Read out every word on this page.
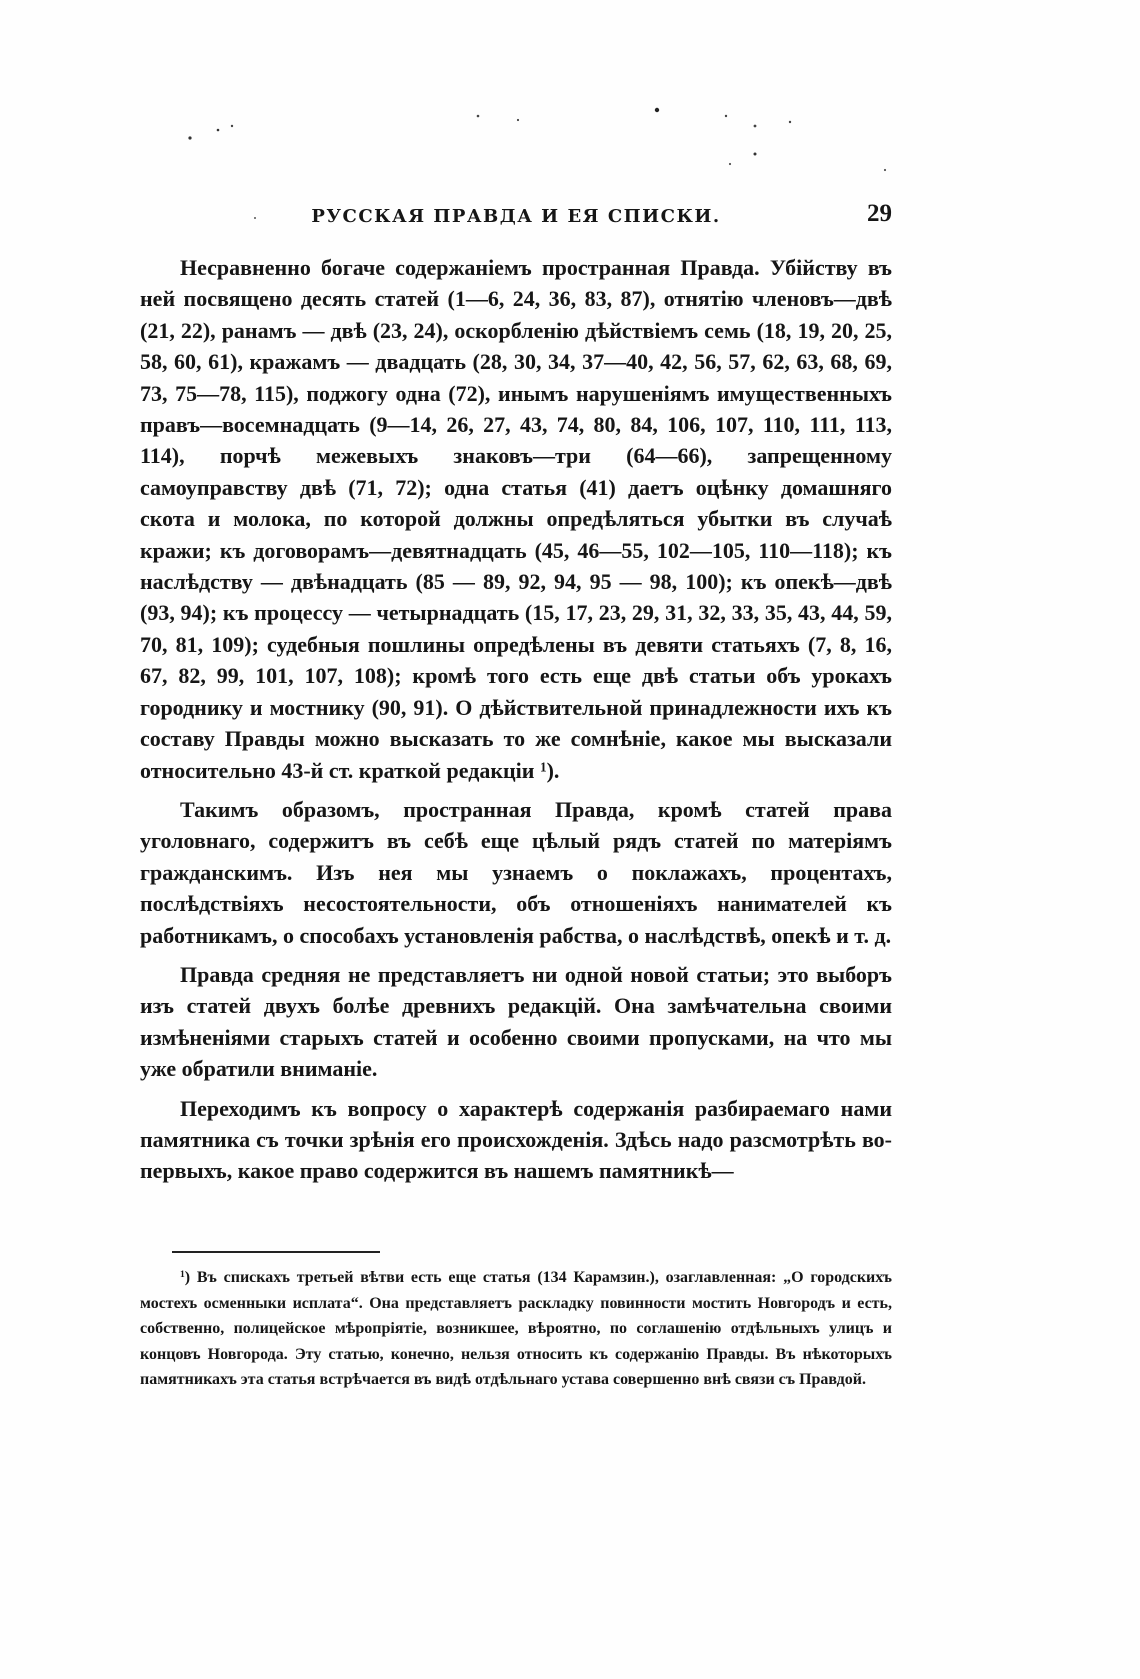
РУССКАЯ ПРАВДА И ЕЯ СПИСКИ.	29

Несравненно богаче содержанiемъ пространная Правда. Убiйству въ ней посвящено десять статей (1—6, 24, 36, 83, 87), отнятiю членовъ—двѣ (21, 22), ранамъ — двѣ (23, 24), оскорбленiю дѣйствiемъ семь (18, 19, 20, 25, 58, 60, 61), кражамъ — двадцать (28, 30, 34, 37—40, 42, 56, 57, 62, 63, 68, 69, 73, 75—78, 115), поджогу одна (72), инымъ нарушенiямъ имущественныхъ правъ—восемнадцать (9—14, 26, 27, 43, 74, 80, 84, 106, 107, 110, 111, 113, 114), порчѣ межевыхъ знаковъ—три (64—66), запрещенному самоуправству двѣ (71, 72); одна статья (41) даетъ оцѣнку домашняго скота и молока, по которой должны опредѣляться убытки въ случаѣ кражи; къ договорамъ—девятнадцать (45, 46—55, 102—105, 110—118); къ наслѣдству — двѣнадцать (85 — 89, 92, 94, 95 — 98, 100); къ опекѣ—двѣ (93, 94); къ процессу — четырнадцать (15, 17, 23, 29, 31, 32, 33, 35, 43, 44, 59, 70, 81, 109); судебныя пошлины опредѣлены въ девяти статьяхъ (7, 8, 16, 67, 82, 99, 101, 107, 108); кромѣ того есть еще двѣ статьи объ урокахъ городнику и мостнику (90, 91). О дѣйствительной принадлежности ихъ къ составу Правды можно высказать то же сомнѣнiе, какое мы высказали относительно 43-й ст. краткой редакцiи $^1$).

Такимъ образомъ, пространная Правда, кромѣ статей права уголовнаго, содержитъ въ себѣ еще цѣлый рядъ статей по матерiямъ гражданскимъ. Изъ нея мы узнаемъ о поклажахъ, процентахъ, послѣдствiяхъ несостоятельности, объ отношенiяхъ нанимателей къ работникамъ, о способахъ установленiя рабства, о наслѣдствѣ, опекѣ и т. д.

Правда средняя не представляетъ ни одной новой статьи; это выборъ изъ статей двухъ болѣе древнихъ редакцiй. Она замѣчательна своими измѣненiями старыхъ статей и особенно своими пропусками, на что мы уже обратили вниманiе.

Переходимъ къ вопросу о характерѣ содержанiя разбираемаго нами памятника съ точки зрѣнiя его происхожденiя. Здѣсь надо разсмотрѣть во-первыхъ, какое право содержится въ нашемъ памятникѣ—

$^1$) Въ спискахъ третьей вѣтви есть еще статья (134 Карамзин.), озаглавленная: „О городскихъ мостехъ осменныки исплата“. Она представляетъ раскладку повинности мостить Новгородъ и есть, собственно, полицейское мѣропрiятiе, возникшее, вѣроятно, по соглашенiю отдѣльныхъ улицъ и концовъ Новгорода. Эту статью, конечно, нельзя относить къ содержанiю Правды. Въ нѣкоторыхъ памятникахъ эта статья встрѣчается въ видѣ отдѣльнаго устава совершенно внѣ связи съ Правдой.
